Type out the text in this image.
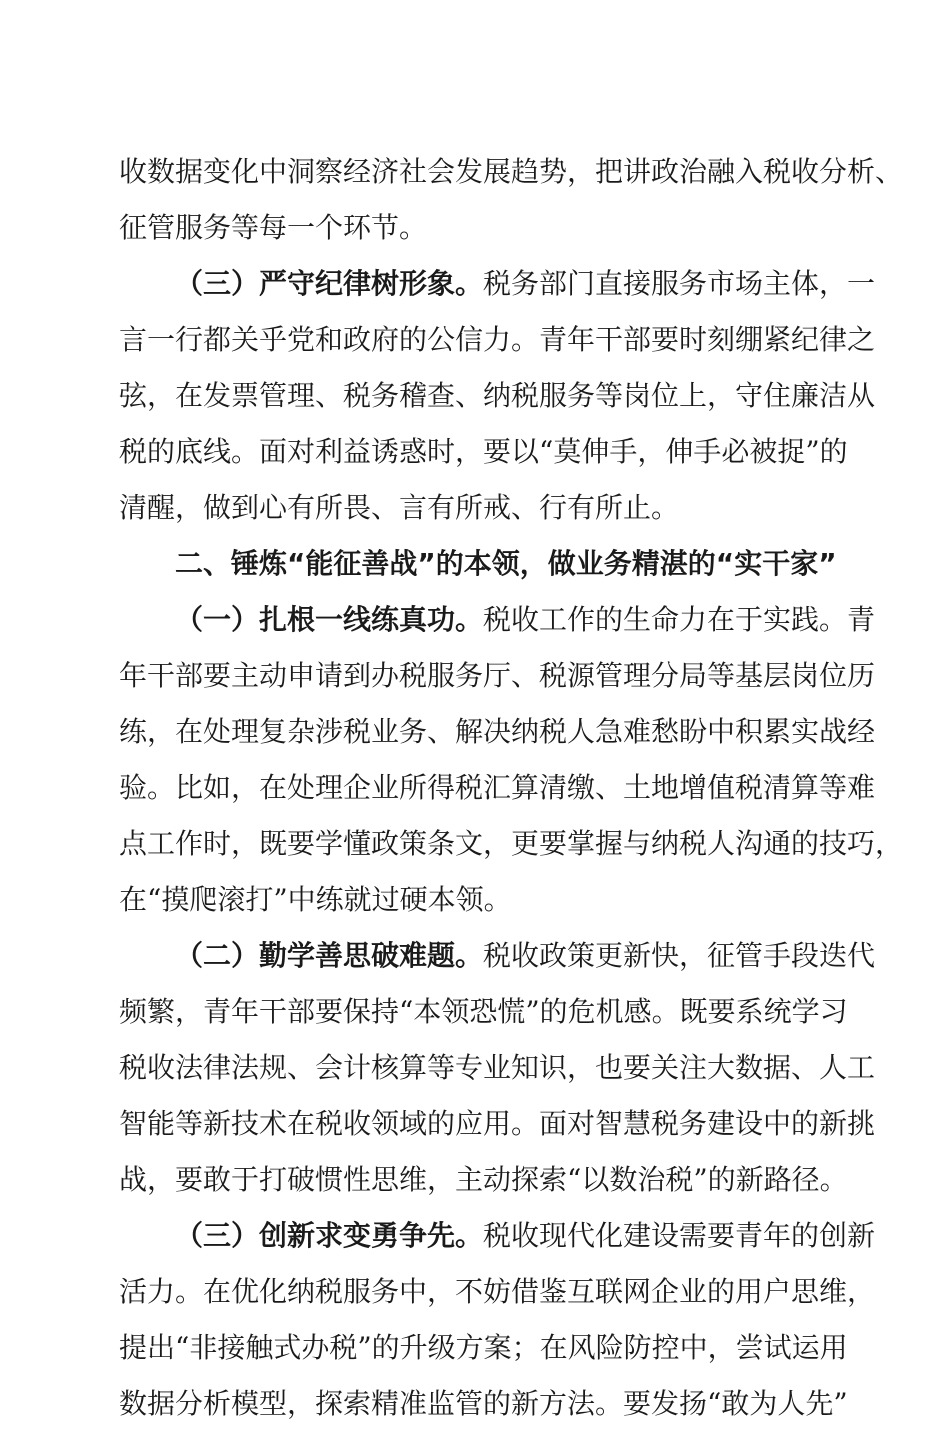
收数据变化中洞察经济社会发展趋势，把讲政治融入税收分析、
征管服务等每一个环节。
（三）严守纪律树形象。税务部门直接服务市场主体，一
言一行都关乎党和政府的公信力。青年干部要时刻绷紧纪律之
弦，在发票管理、税务稽查、纳税服务等岗位上，守住廉洁从
税的底线。面对利益诱惑时，要以“莫伸手，伸手必被捉”的
清醒，做到心有所畏、言有所戒、行有所止。
二、锤炼“能征善战”的本领，做业务精湛的“实干家”
（一）扎根一线练真功。税收工作的生命力在于实践。青
年干部要主动申请到办税服务厅、税源管理分局等基层岗位历
练，在处理复杂涉税业务、解决纳税人急难愁盼中积累实战经
验。比如，在处理企业所得税汇算清缴、土地增值税清算等难
点工作时，既要学懂政策条文，更要掌握与纳税人沟通的技巧，
在“摸爬滚打”中练就过硬本领。
（二）勤学善思破难题。税收政策更新快，征管手段迭代
频繁，青年干部要保持“本领恐慌”的危机感。既要系统学习
税收法律法规、会计核算等专业知识，也要关注大数据、人工
智能等新技术在税收领域的应用。面对智慧税务建设中的新挑
战，要敢于打破惯性思维，主动探索“以数治税”的新路径。
（三）创新求变勇争先。税收现代化建设需要青年的创新
活力。在优化纳税服务中，不妨借鉴互联网企业的用户思维，
提出“非接触式办税”的升级方案；在风险防控中，尝试运用
数据分析模型，探索精准监管的新方法。要发扬“敢为人先”
